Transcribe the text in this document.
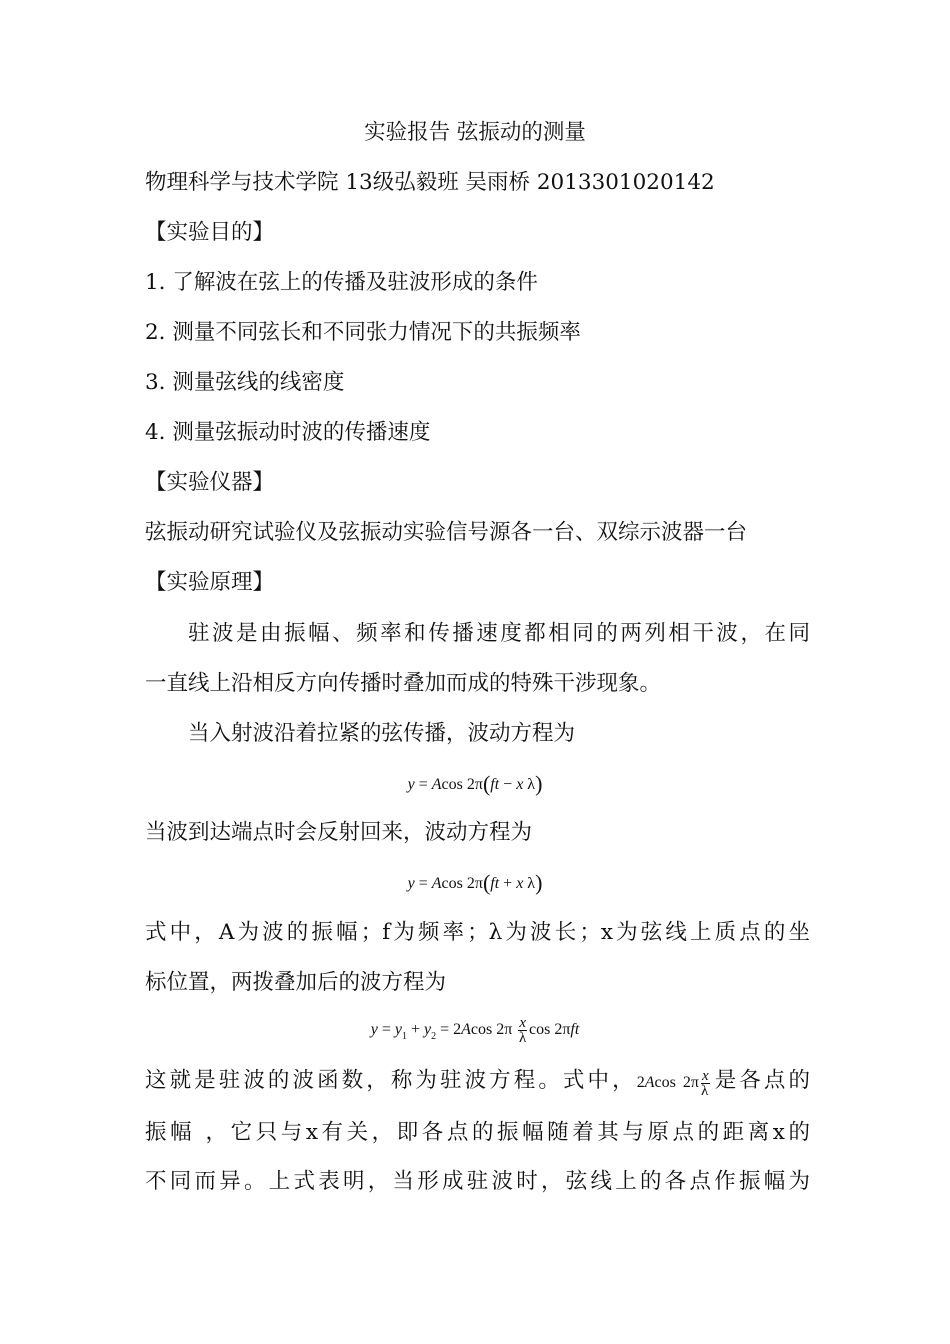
实验报告 弦振动的测量
物理科学与技术学院 13级弘毅班 吴雨桥 2013301020142
【实验目的】
1. 了解波在弦上的传播及驻波形成的条件
2. 测量不同弦长和不同张力情况下的共振频率
3. 测量弦线的线密度
4. 测量弦振动时波的传播速度
【实验仪器】
弦振动研究试验仪及弦振动实验信号源各一台、双综示波器一台
【实验原理】
驻波是由振幅、频率和传播速度都相同的两列相干波，在同
一直线上沿相反方向传播时叠加而成的特殊干涉现象。
当入射波沿着拉紧的弦传播，波动方程为
y = Acos 2π(ft − x λ)
当波到达端点时会反射回来，波动方程为
y = Acos 2π(ft + x λ)
式中，A为波的振幅；f为频率；λ为波长；x为弦线上质点的坐
标位置，两拨叠加后的波方程为
$y = y_1 + y_2 = 2Acos$ $2\pi \frac{x}{\lambda}$ cos 2πft
这就是驻波的波函数，称为驻波方程。式中，2Acos $2\pi \frac{x}{\lambda}$ 是各点的
振幅 ，它只与x有关，即各点的振幅随着其与原点的距离x的
不同而异。上式表明，当形成驻波时，弦线上的各点作振幅为
